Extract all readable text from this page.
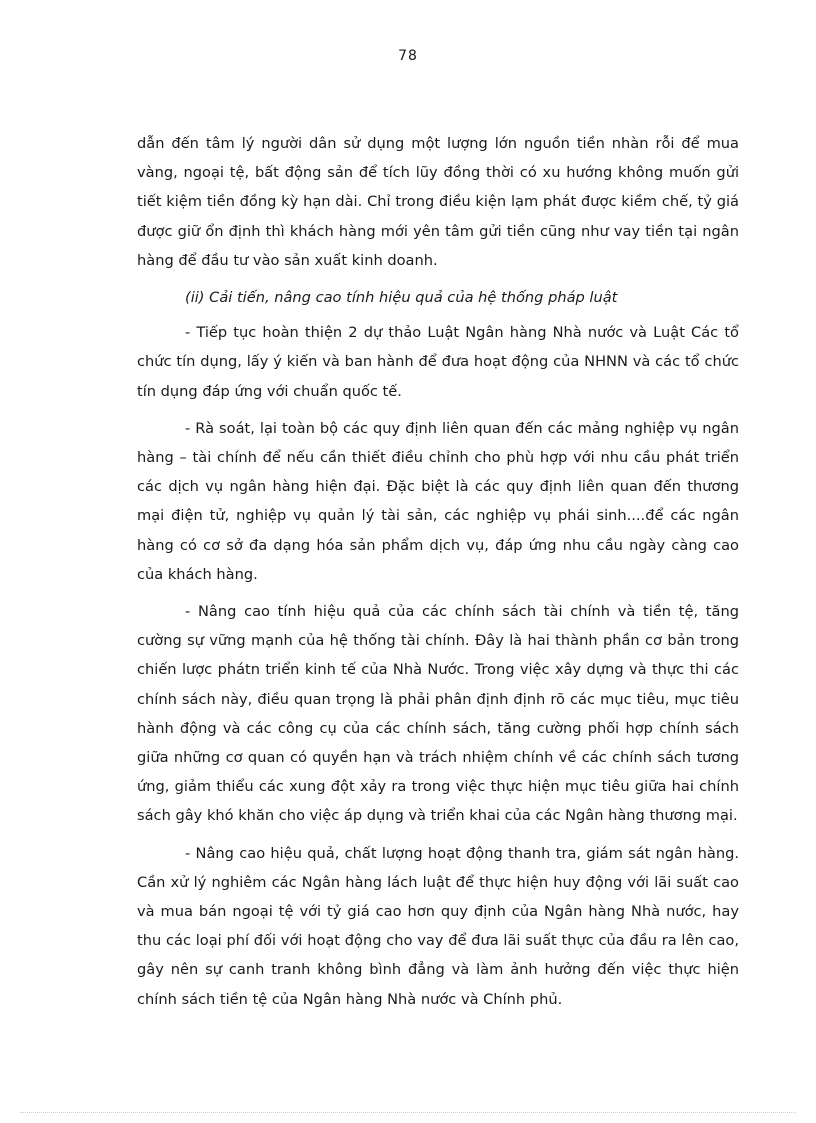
78

dẫn đến tâm lý người dân sử dụng một lượng lớn nguồn tiền nhàn rỗi để mua vàng, ngoại tệ, bất động sản để tích lũy đồng thời có xu hướng không muốn gửi tiết kiệm tiền đồng kỳ hạn dài. Chỉ trong điều kiện lạm phát được kiềm chế, tỷ giá được giữ ổn định thì khách hàng mới yên tâm gửi tiền cũng như vay tiền tại ngân hàng để đầu tư vào sản xuất kinh doanh.

(ii) Cải tiến, nâng cao tính hiệu quả của hệ thống pháp luật

- Tiếp tục hoàn thiện 2 dự thảo Luật Ngân hàng Nhà nước và Luật Các tổ chức tín dụng, lấy ý kiến và ban hành để đưa hoạt động của NHNN và các tổ chức tín dụng đáp ứng với chuẩn quốc tế.

- Rà soát, lại toàn bộ các quy định liên quan đến các mảng nghiệp vụ ngân hàng – tài chính để nếu cần thiết điều chỉnh cho phù hợp với nhu cầu phát triển các dịch vụ ngân hàng hiện đại. Đặc biệt là các quy định liên quan đến thương mại điện tử, nghiệp vụ quản lý tài sản, các nghiệp vụ phái sinh....để các ngân hàng có cơ sở đa dạng hóa sản phẩm dịch vụ, đáp ứng nhu cầu ngày càng cao của khách hàng.

- Nâng cao tính hiệu quả của các chính sách tài chính và tiền tệ, tăng cường sự vững mạnh của hệ thống tài chính. Đây là hai thành phần cơ bản trong chiến lược phátn triển kinh tế của Nhà Nước. Trong việc xây dựng và thực thi các chính sách này, điều quan trọng là phải phân định định rõ các mục tiêu, mục tiêu hành động và các công cụ của các chính sách, tăng cường phối hợp chính sách giữa những cơ quan có quyền hạn và trách nhiệm chính về các chính sách tương ứng, giảm thiểu các xung đột xảy ra trong việc thực hiện mục tiêu giữa hai chính sách gây khó khăn cho việc áp dụng và triển khai của các Ngân hàng thương mại.

- Nâng cao hiệu quả, chất lượng hoạt động thanh tra, giám sát ngân hàng. Cần xử lý nghiêm các Ngân hàng lách luật để thực hiện huy động với lãi suất cao và mua bán ngoại tệ với tỷ giá cao hơn quy định của Ngân hàng Nhà nước, hay thu các loại phí đối với hoạt động cho vay để đưa lãi suất thực của đầu ra lên cao, gây nên sự canh tranh không bình đẳng và làm ảnh hưởng đến việc thực hiện chính sách tiền tệ của Ngân hàng Nhà nước và Chính phủ.
